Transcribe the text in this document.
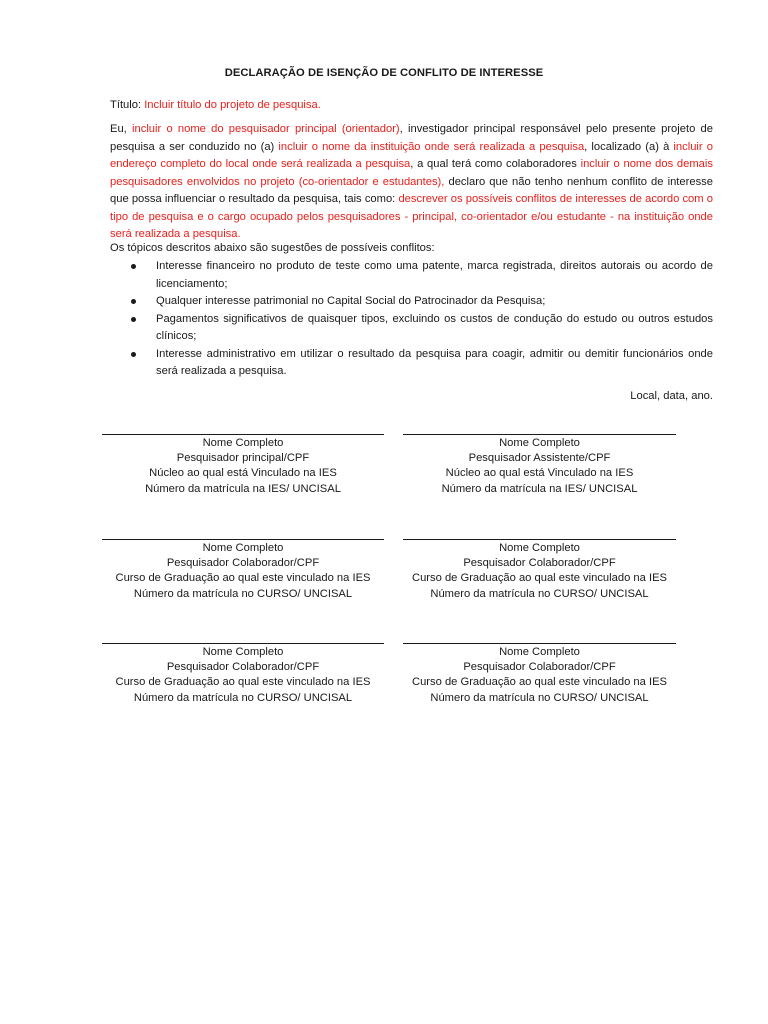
DECLARAÇÃO DE ISENÇÃO DE CONFLITO DE INTERESSE
Título: Incluir título do projeto de pesquisa.
Eu, incluir o nome do pesquisador principal (orientador), investigador principal responsável pelo presente projeto de pesquisa a ser conduzido no (a) incluir o nome da instituição onde será realizada a pesquisa, localizado (a) à incluir o endereço completo do local onde será realizada a pesquisa, a qual terá como colaboradores incluir o nome dos demais pesquisadores envolvidos no projeto (co-orientador e estudantes), declaro que não tenho nenhum conflito de interesse que possa influenciar o resultado da pesquisa, tais como: descrever os possíveis conflitos de interesses de acordo com o tipo de pesquisa e o cargo ocupado pelos pesquisadores - principal, co-orientador e/ou estudante - na instituição onde será realizada a pesquisa.
Os tópicos descritos abaixo são sugestões de possíveis conflitos:
Interesse financeiro no produto de teste como uma patente, marca registrada, direitos autorais ou acordo de licenciamento;
Qualquer interesse patrimonial no Capital Social do Patrocinador da Pesquisa;
Pagamentos significativos de quaisquer tipos, excluindo os custos de condução do estudo ou outros estudos clínicos;
Interesse administrativo em utilizar o resultado da pesquisa para coagir, admitir ou demitir funcionários onde será realizada a pesquisa.
Local, data, ano.
Nome Completo
Pesquisador principal/CPF
Núcleo ao qual está Vinculado na IES
Número da matrícula na IES/ UNCISAL
Nome Completo
Pesquisador Assistente/CPF
Núcleo ao qual está Vinculado na IES
Número da matrícula na IES/ UNCISAL
Nome Completo
Pesquisador Colaborador/CPF
Curso de Graduação ao qual este vinculado na IES
Número da matrícula no CURSO/ UNCISAL
Nome Completo
Pesquisador Colaborador/CPF
Curso de Graduação ao qual este vinculado na IES
Número da matrícula no CURSO/ UNCISAL
Nome Completo
Pesquisador Colaborador/CPF
Curso de Graduação ao qual este vinculado na IES
Número da matrícula no CURSO/ UNCISAL
Nome Completo
Pesquisador Colaborador/CPF
Curso de Graduação ao qual este vinculado na IES
Número da matrícula no CURSO/ UNCISAL
